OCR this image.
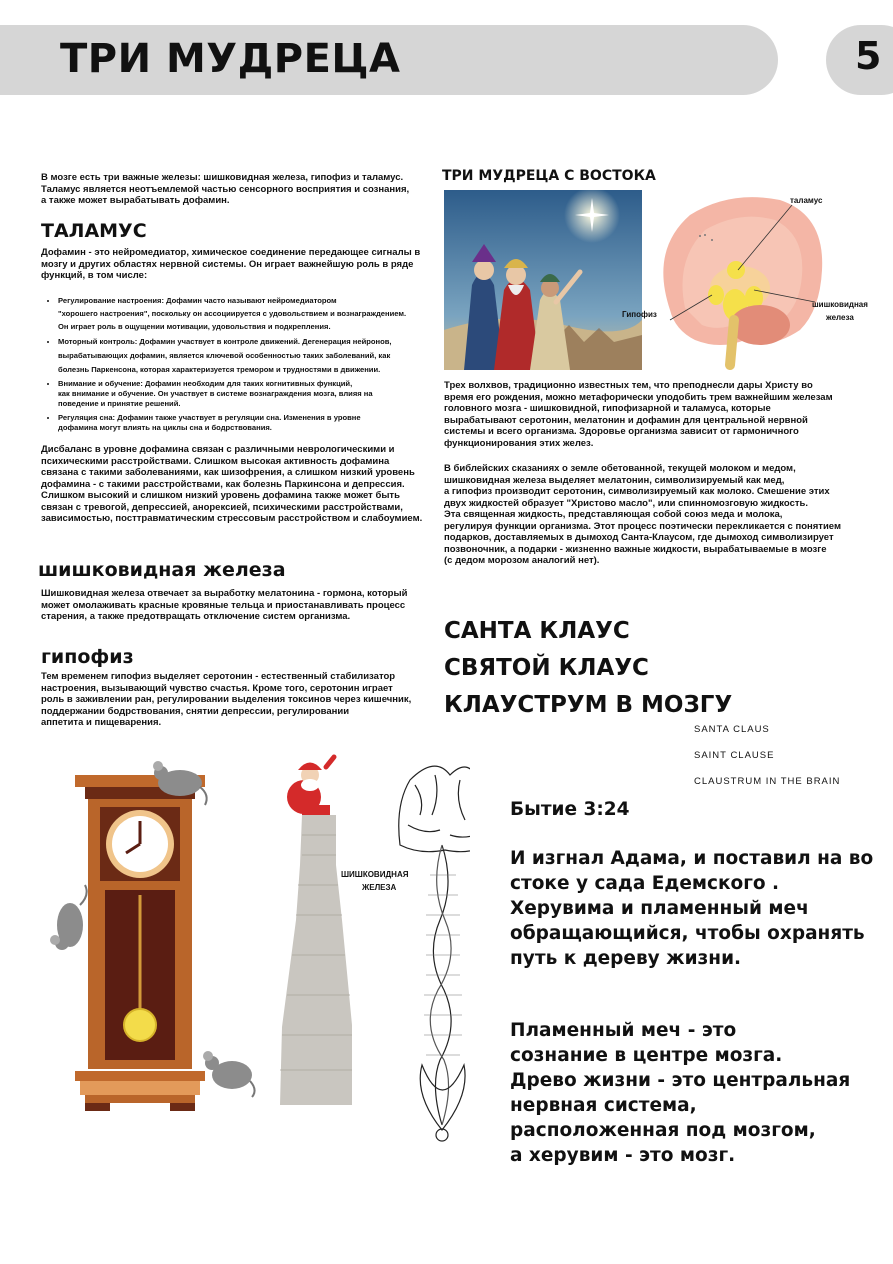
ТРИ МУДРЕЦА	5
В мозге есть три важные железы: шишковидная железа, гипофиз и таламус.
Таламус является неотъемлемой частью сенсорного восприятия и сознания,
а также может вырабатывать дофамин.
ТАЛАМУС
Дофамин - это нейромедиатор, химическое соединение передающее сигналы в
мозгу и других областях нервной системы. Он играет важнейшую роль в ряде
функций, в том числе:
• Регулирование настроения: Дофамин часто называют нейромедиатором
"хорошего настроения", поскольку он ассоциируется с удовольствием и вознаграждением.
Он играет роль в ощущении мотивации, удовольствия и подкрепления.
• Моторный контроль: Дофамин участвует в контроле движений. Дегенерация нейронов,
вырабатывающих дофамин, является ключевой особенностью таких заболеваний, как
болезнь Паркенсона, которая характеризуется тремором и трудностями в движении.
• Внимание и обучение: Дофамин необходим для таких когнитивных функций,
как внимание и обучение. Он участвует в системе вознаграждения мозга, влияя на
поведение и принятие решений.
• Регуляция сна: Дофамин также участвует в регуляции сна. Изменения в уровне
дофамина могут влиять на циклы сна и бодрствования.
Дисбаланс в уровне дофамина связан с различными неврологическими и
психическими расстройствами. Слишком высокая активность дофамина
связана с такими заболеваниями, как шизофрения, а слишком низкий уровень
дофамина - с такими расстройствами, как болезнь Паркинсона и депрессия.
Слишком высокий и слишком низкий уровень дофамина также может быть
связан с тревогой, депрессией, анорексией, психическими расстройствами,
зависимостью, посттравматическим стрессовым расстройством и слабоумием.
шишковидная железа
Шишковидная железа отвечает за выработку мелатонина - гормона, который
может омолаживать красные кровяные тельца и приостанавливать процесс
старения, а также предотвращать отключение систем организма.
гипофиз
Тем временем гипофиз выделяет серотонин - естественный стабилизатор
настроения, вызывающий чувство счастья. Кроме того, серотонин играет
роль в заживлении ран, регулировании выделения токсинов через кишечник,
поддержании бодрствования, снятии депрессии, регулировании
аппетита и пищеварения.
ТРИ МУДРЕЦА С ВОСТОКА
таламус
Гипофиз
шишковидная
железа
Трех волхвов, традиционно известных тем, что преподнесли дары Христу во
время его рождения, можно метафорически уподобить трем важнейшим железам
головного мозга - шишковидной, гипофизарной и таламуса, которые
вырабатывают серотонин, мелатонин и дофамин для центральной нервной
системы и всего организма. Здоровье организма зависит от гармоничного
функционирования этих желез.
В библейских сказаниях о земле обетованной, текущей молоком и медом,
шишковидная железа выделяет мелатонин, символизируемый как мед,
а гипофиз производит серотонин, символизируемый как молоко. Смешение этих
двух жидкостей образует "Христово масло", или спинномозговую жидкость.
Эта священная жидкость, представляющая собой союз меда и молока,
регулируя функции организма. Этот процесс поэтически перекликается с понятием
подарков, доставляемых в дымоход Санта-Клаусом, где дымоход символизирует
позвоночник, а подарки - жизненно важные жидкости, вырабатываемые в мозге
(с дедом морозом аналогий нет).
САНТА КЛАУС
СВЯТОЙ КЛАУС
КЛАУСТРУМ В МОЗГУ
SANTA CLAUS
SAINT CLAUSE
CLAUSTRUM IN THE BRAIN
ШИШКОВИДНАЯ
ЖЕЛЕЗА
Бытие 3:24
И изгнал Адама, и поставил на во
стоке у сада Едемского .
Херувима и пламенный меч
обращающийся, чтобы охранять
путь к дереву жизни.
Пламенный меч - это
сознание в центре мозга.
Древо жизни - это центральная
нервная система,
расположенная под мозгом,
а херувим - это мозг.
